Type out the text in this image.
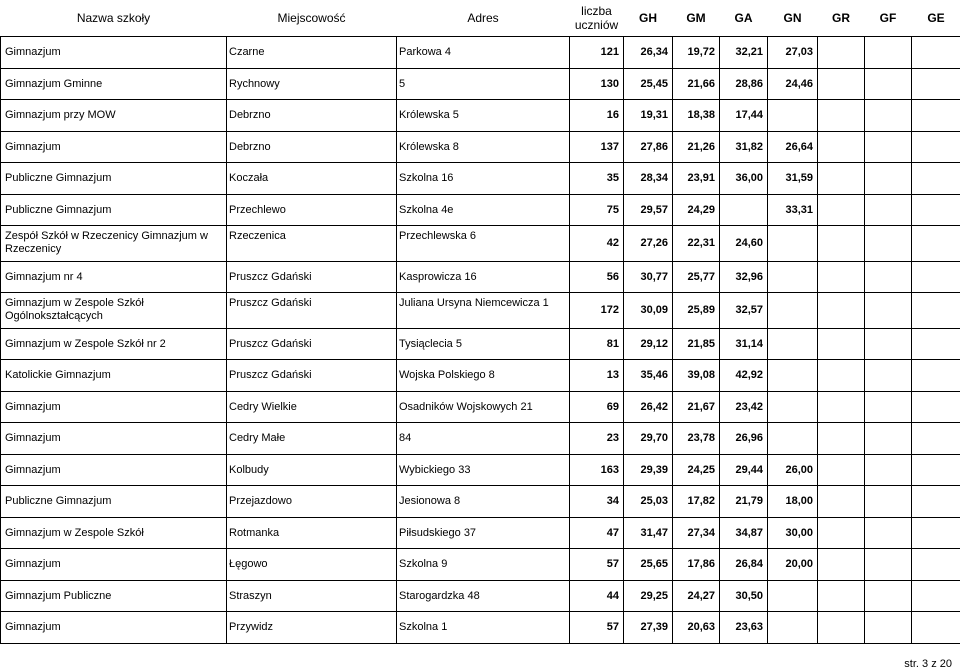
Nazwa szkoły	Miejscowość	Adres	liczba uczniów	GH	GM	GA	GN	GR	GF	GE
Gimnazjum	Czarne	Parkowa 4	121	26,34	19,72	32,21	27,03			
Gimnazjum Gminne	Rychnowy	5	130	25,45	21,66	28,86	24,46			
Gimnazjum przy MOW	Debrzno	Królewska 5	16	19,31	18,38	17,44				
Gimnazjum	Debrzno	Królewska 8	137	27,86	21,26	31,82	26,64			
Publiczne Gimnazjum	Koczała	Szkolna 16	35	28,34	23,91	36,00	31,59			
Publiczne Gimnazjum	Przechlewo	Szkolna 4e	75	29,57	24,29		33,31			
Zespół Szkół w Rzeczenicy Gimnazjum w Rzeczenicy	Rzeczenica	Przechlewska 6	42	27,26	22,31	24,60				
Gimnazjum nr 4	Pruszcz Gdański	Kasprowicza 16	56	30,77	25,77	32,96				
Gimnazjum w Zespole Szkół Ogólnokształcących	Pruszcz Gdański	Juliana Ursyna Niemcewicza 1	172	30,09	25,89	32,57				
Gimnazjum w Zespole Szkół nr 2	Pruszcz Gdański	Tysiąclecia 5	81	29,12	21,85	31,14				
Katolickie Gimnazjum	Pruszcz Gdański	Wojska Polskiego 8	13	35,46	39,08	42,92				
Gimnazjum	Cedry Wielkie	Osadników Wojskowych 21	69	26,42	21,67	23,42				
Gimnazjum	Cedry Małe	84	23	29,70	23,78	26,96				
Gimnazjum	Kolbudy	Wybickiego 33	163	29,39	24,25	29,44	26,00			
Publiczne Gimnazjum	Przejazdowo	Jesionowa 8	34	25,03	17,82	21,79	18,00			
Gimnazjum w Zespole Szkół	Rotmanka	Piłsudskiego 37	47	31,47	27,34	34,87	30,00			
Gimnazjum	Łęgowo	Szkolna 9	57	25,65	17,86	26,84	20,00			
Gimnazjum Publiczne	Straszyn	Starogardzka 48	44	29,25	24,27	30,50				
Gimnazjum	Przywidz	Szkolna 1	57	27,39	20,63	23,63				
str. 3 z 20
